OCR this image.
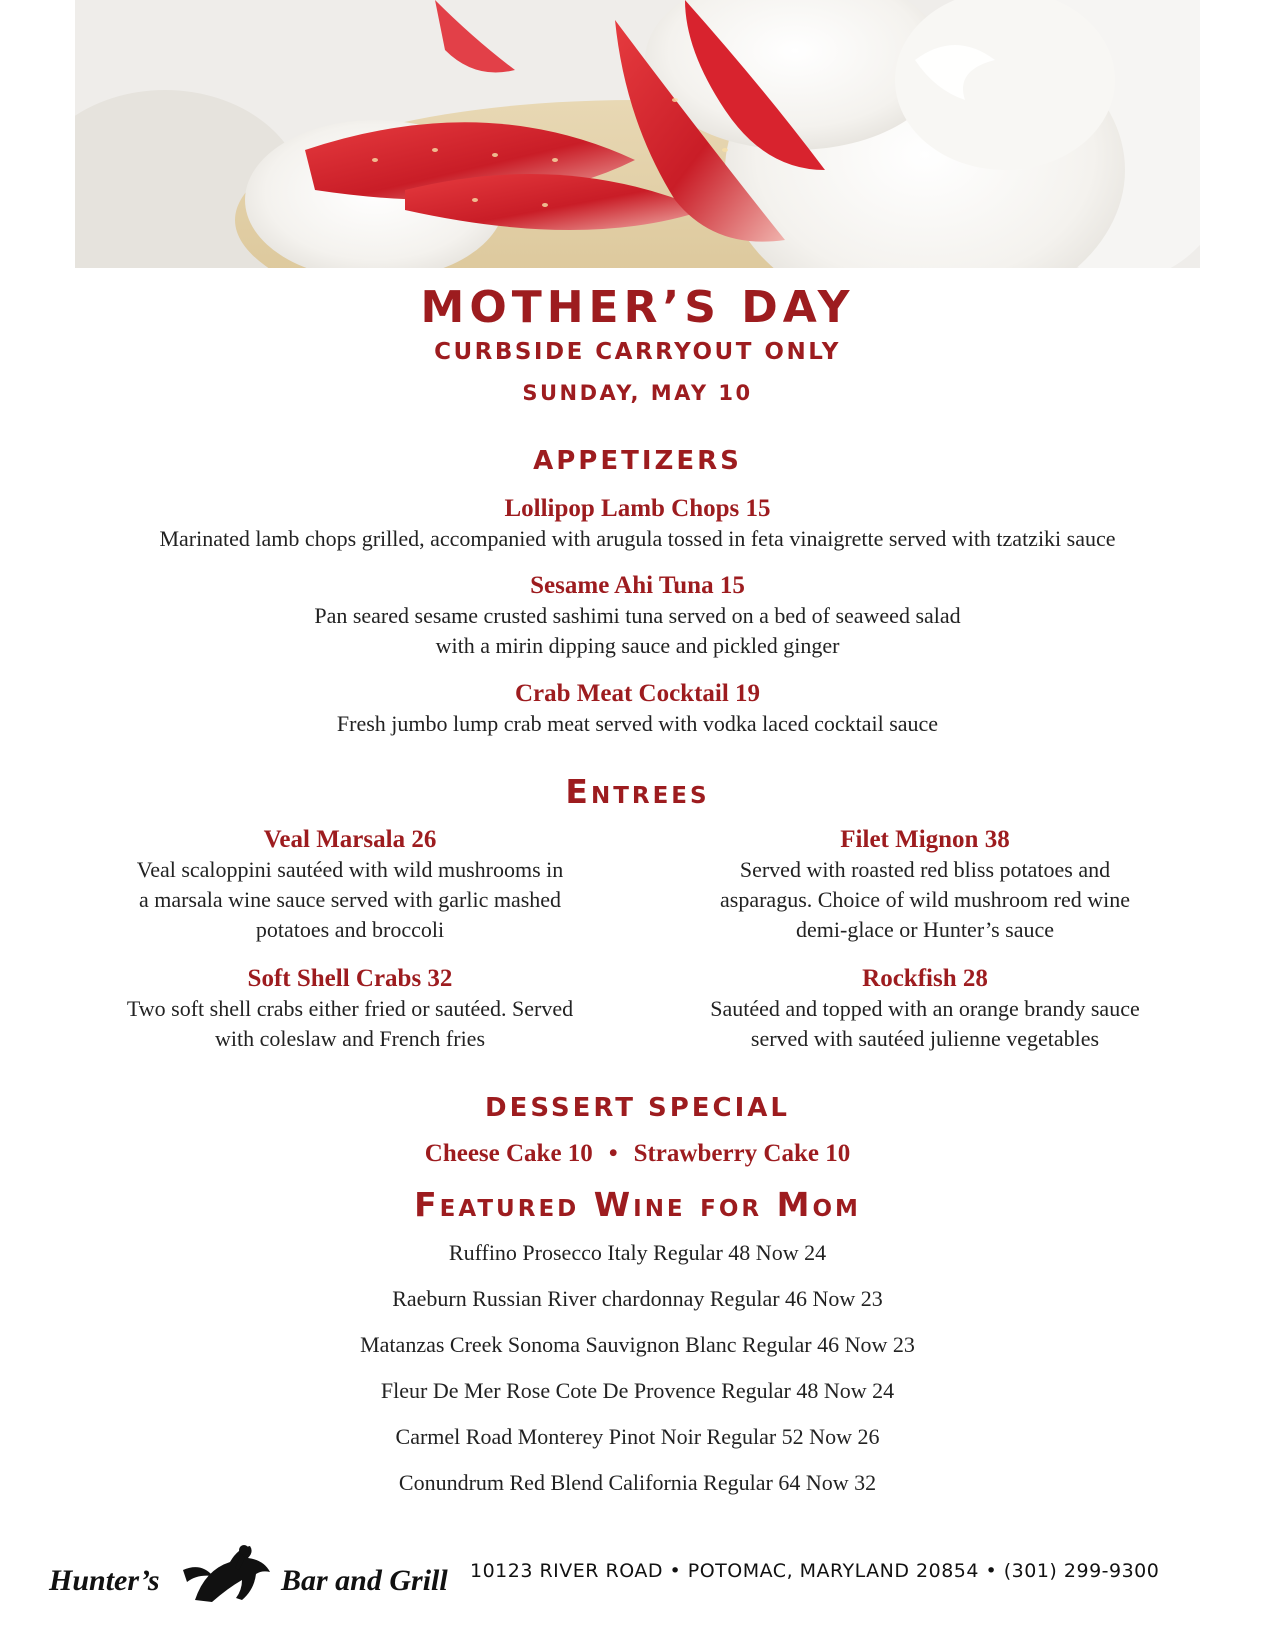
MOTHER’S DAY
CURBSIDE CARRYOUT ONLY
SUNDAY, MAY 10
APPETIZERS
Lollipop Lamb Chops 15
Marinated lamb chops grilled, accompanied with arugula tossed in feta vinaigrette served with tzatziki sauce
Sesame Ahi Tuna 15
Pan seared sesame crusted sashimi tuna served on a bed of seaweed salad
with a mirin dipping sauce and pickled ginger
Crab Meat Cocktail 19
Fresh jumbo lump crab meat served with vodka laced cocktail sauce
Entrees
Veal Marsala 26
Veal scaloppini sautéed with wild mushrooms in
a marsala wine sauce served with garlic mashed
potatoes and broccoli
Filet Mignon 38
Served with roasted red bliss potatoes and
asparagus. Choice of wild mushroom red wine
demi-glace or Hunter’s sauce
Soft Shell Crabs 32
Two soft shell crabs either fried or sautéed. Served
with coleslaw and French fries
Rockfish 28
Sautéed and topped with an orange brandy sauce
served with sautéed julienne vegetables
DESSERT SPECIAL
Cheese Cake 10 • Strawberry Cake 10
Featured Wine for Mom
Ruffino Prosecco Italy Regular 48 Now 24
Raeburn Russian River chardonnay Regular 46 Now 23
Matanzas Creek Sonoma Sauvignon Blanc Regular 46 Now 23
Fleur De Mer Rose Cote De Provence Regular 48 Now 24
Carmel Road Monterey Pinot Noir Regular 52 Now 26
Conundrum Red Blend California Regular 64 Now 32
Hunter’s	Bar and Grill 10123 RIVER ROAD • POTOMAC, MARYLAND 20854 • (301) 299-9300
